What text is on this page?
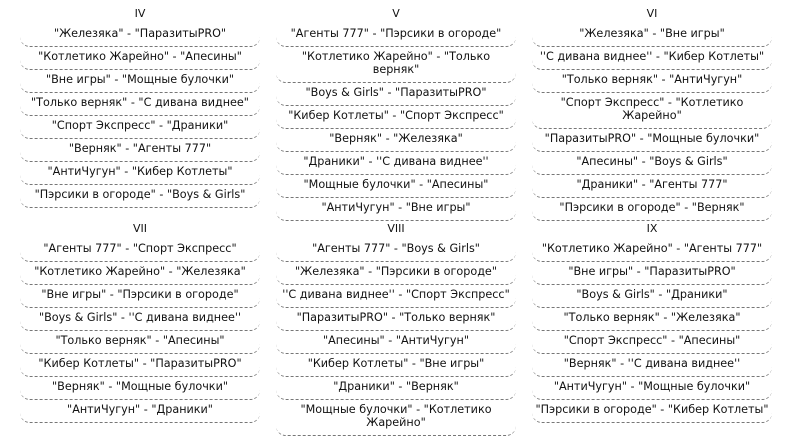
IV
"Железяка" - "ПаразитыPRO"
"Котлетико Жарейно" - "Апесины"
"Вне игры" - "Мощные булочки"
"Только верняк" - "С дивана виднее"
"Спорт Экспресс" - "Драники"
"Верняк" - "Агенты 777"
"АнтиЧугун" - "Кибер Котлеты"
"Пэрсики в огороде" - "Boys & Girls"
V
"Агенты 777" - "Пэрсики в огороде"
"Котлетико Жарейно" - "Только верняк"
"Boys & Girls" - "ПаразитыPRO"
"Кибер Котлеты" - "Спорт Экспресс"
"Верняк" - "Железяка"
"Драники" - ''С дивана виднее''
"Мощные булочки" - "Апесины"
"АнтиЧугун" - "Вне игры"
VI
"Железяка" - "Вне игры"
''С дивана виднее'' - "Кибер Котлеты"
"Только верняк" - "АнтиЧугун"
"Спорт Экспресс" - "Котлетико Жарейно"
"ПаразитыPRO" - "Мощные булочки"
"Апесины" - "Boys & Girls"
"Драники" - "Агенты 777"
"Пэрсики в огороде" - "Верняк"
VII
"Агенты 777" - "Спорт Экспресс"
"Котлетико Жарейно" - "Железяка"
"Вне игры" - "Пэрсики в огороде"
"Boys & Girls" - ''С дивана виднее''
"Только верняк" - "Апесины"
"Кибер Котлеты" - "ПаразитыPRO"
"Верняк" - "Мощные булочки"
"АнтиЧугун" - "Драники"
VIII
"Агенты 777" - "Boys & Girls"
"Железяка" - "Пэрсики в огороде"
''С дивана виднее'' - "Спорт Экспресс"
"ПаразитыPRO" - "Только верняк"
"Апесины" - "АнтиЧугун"
"Кибер Котлеты" - "Вне игры"
"Драники" - "Верняк"
"Мощные булочки" - "Котлетико Жарейно"
IX
"Котлетико Жарейно" - "Агенты 777"
"Вне игры" - "ПаразитыPRO"
"Boys & Girls" - "Драники"
"Только верняк" - "Железяка"
"Спорт Экспресс" - "Апесины"
"Верняк" - ''С дивана виднее''
"АнтиЧугун" - "Мощные булочки"
"Пэрсики в огороде" - "Кибер Котлеты"
